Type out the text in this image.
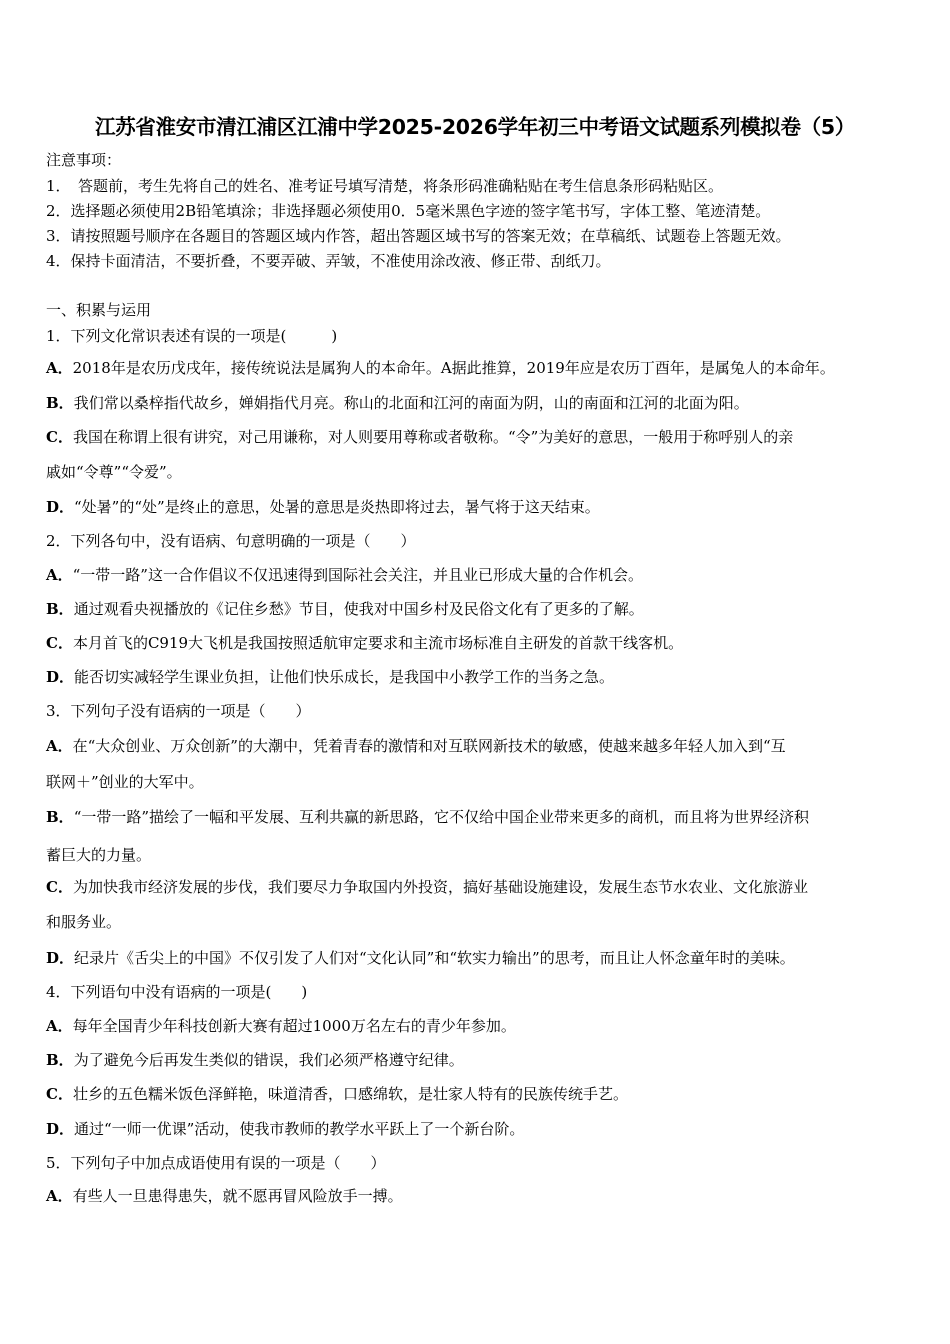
江苏省淮安市清江浦区江浦中学2025-2026学年初三中考语文试题系列模拟卷（5）
注意事项：
1．　答题前，考生先将自己的姓名、准考证号填写清楚，将条形码准确粘贴在考生信息条形码粘贴区。
2．选择题必须使用2B铅笔填涂；非选择题必须使用0．5毫米黑色字迹的签字笔书写，字体工整、笔迹清楚。
3．请按照题号顺序在各题目的答题区域内作答，超出答题区域书写的答案无效；在草稿纸、试题卷上答题无效。
4．保持卡面清洁，不要折叠，不要弄破、弄皱，不准使用涂改液、修正带、刮纸刀。
一、积累与运用
1．下列文化常识表述有误的一项是(　　　)
A．2018年是农历戊戌年，接传统说法是属狗人的本命年。A据此推算，2019年应是农历丁酉年，是属兔人的本命年。
B．我们常以桑梓指代故乡，婵娟指代月亮。称山的北面和江河的南面为阴，山的南面和江河的北面为阳。
C．我国在称谓上很有讲究，对己用谦称，对人则要用尊称或者敬称。“令”为美好的意思，一般用于称呼别人的亲
戚如“令尊”“令爱”。
D．“处暑”的“处”是终止的意思，处暑的意思是炎热即将过去，暑气将于这天结束。
2．下列各句中，没有语病、句意明确的一项是（　　）
A．“一带一路”这一合作倡议不仅迅速得到国际社会关注，并且业已形成大量的合作机会。
B．通过观看央视播放的《记住乡愁》节目，使我对中国乡村及民俗文化有了更多的了解。
C．本月首飞的C919大飞机是我国按照适航审定要求和主流市场标准自主研发的首款干线客机。
D．能否切实减轻学生课业负担，让他们快乐成长，是我国中小教学工作的当务之急。
3．下列句子没有语病的一项是（　　）
A．在“大众创业、万众创新”的大潮中，凭着青春的激情和对互联网新技术的敏感，使越来越多年轻人加入到“互
联网＋”创业的大军中。
B．“一带一路”描绘了一幅和平发展、互利共赢的新思路，它不仅给中国企业带来更多的商机，而且将为世界经济积
蓄巨大的力量。
C．为加快我市经济发展的步伐，我们要尽力争取国内外投资，搞好基础设施建设，发展生态节水农业、文化旅游业
和服务业。
D．纪录片《舌尖上的中国》不仅引发了人们对“文化认同”和“软实力输出”的思考，而且让人怀念童年时的美味。
4．下列语句中没有语病的一项是(　　)
A．每年全国青少年科技创新大赛有超过1000万名左右的青少年参加。
B．为了避免今后再发生类似的错误，我们必须严格遵守纪律。
C．壮乡的五色糯米饭色泽鲜艳，味道清香，口感绵软，是壮家人特有的民族传统手艺。
D．通过“一师一优课”活动，使我市教师的教学水平跃上了一个新台阶。
5．下列句子中加点成语使用有误的一项是（　　）
A．有些人一旦患得患失，就不愿再冒风险放手一搏。
